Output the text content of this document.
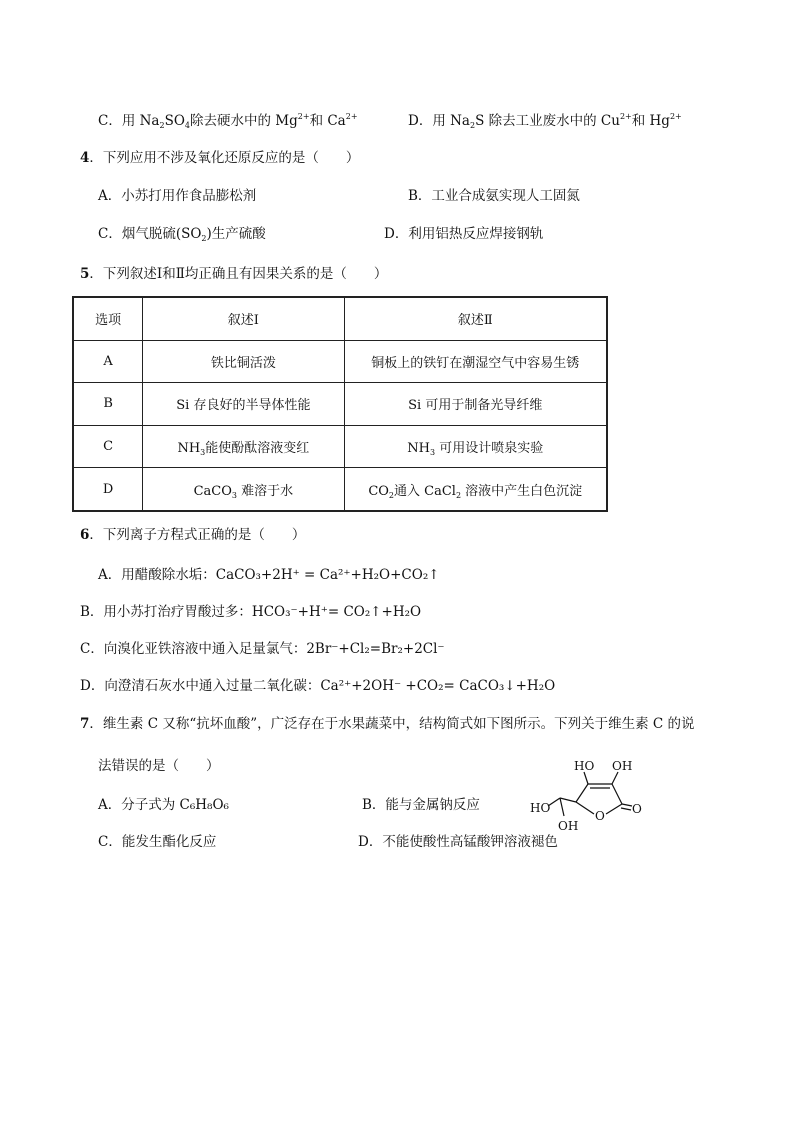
C．用 $Na_2SO_4$除去硬水中的 $Mg^{2+}$和 $Ca^{2+}$	D．用 $Na_2S$ 除去工业废水中的 $Cu^{2+}$和 $Hg^{2+}$
4．下列应用不涉及氧化还原反应的是（　　）
A．小苏打用作食品膨松剂	B．工业合成氨实现人工固氮
C．烟气脱硫$(SO_2)$生产硫酸	D．利用铝热反应焊接钢轨
5．下列叙述Ⅰ和Ⅱ均正确且有因果关系的是（　　）
选项	叙述Ⅰ	叙述Ⅱ
A	铁比铜活泼	铜板上的铁钉在潮湿空气中容易生锈
B	Si 存良好的半导体性能	Si 可用于制备光导纤维
C	$NH_3$能使酚酞溶液变红	$NH_3$ 可用设计喷泉实验
D	CaCO$_3$ 难溶于水	$CO_2$通入 CaCl$_2$ 溶液中产生白色沉淀
6．下列离子方程式正确的是（　　）
A．用醋酸除水垢：CaCO₃+2H⁺ = Ca²⁺+H₂O+CO₂↑
B．用小苏打治疗胃酸过多：HCO₃⁻+H⁺= CO₂↑+H₂O
C．向溴化亚铁溶液中通入足量氯气：2Br⁻+Cl₂=Br₂+2Cl⁻
D．向澄清石灰水中通入过量二氧化碳：Ca²⁺+2OH⁻ +CO₂= CaCO₃↓+H₂O
7．维生素 C 又称“抗坏血酸”，广泛存在于水果蔬菜中，结构简式如下图所示。下列关于维生素 C 的说
法错误的是（　　）
A．分子式为 C₆H₈O₆	B．能与金属钠反应
C．能发生酯化反应	D．不能使酸性高锰酸钾溶液褪色
HO OH
HO
OH
O O
